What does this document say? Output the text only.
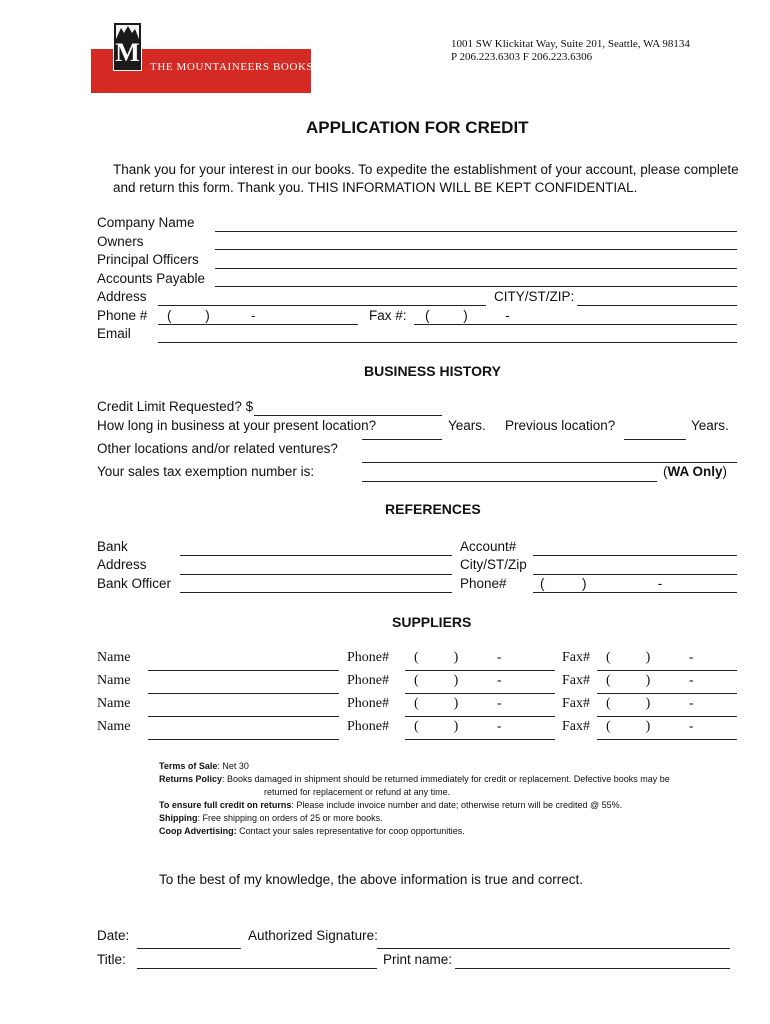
M THE MOUNTAINEERS BOOKS
1001 SW Klickitat Way, Suite 201, Seattle, WA 98134
P 206.223.6303 F 206.223.6306
APPLICATION FOR CREDIT
Thank you for your interest in our books. To expedite the establishment of your account, please complete
and return this form. Thank you. THIS INFORMATION WILL BE KEPT CONFIDENTIAL.
Company Name
Owners
Principal Officers
Accounts Payable
Address	CITY/ST/ZIP:
Phone # (         )           -	Fax #: (         )          -
Email
BUSINESS HISTORY
Credit Limit Requested? $
How long in business at your present location?	Years. Previous location?	Years.
Other locations and/or related ventures?
Your sales tax exemption number is:	(WA Only)
REFERENCES
Bank	Account#
Address	City/ST/Zip
Bank Officer	Phone# (          )                   -
SUPPLIERS
Name	Phone# (          )           -	Fax# (          )           -
Name	Phone# (          )           -	Fax# (          )           -
Name	Phone# (          )           -	Fax# (          )           -
Name	Phone# (          )           -	Fax# (          )           -
Terms of Sale: Net 30
Returns Policy: Books damaged in shipment should be returned immediately for credit or replacement. Defective books may be
returned for replacement or refund at any time.
To ensure full credit on returns: Please include invoice number and date; otherwise return will be credited @ 55%.
Shipping: Free shipping on orders of 25 or more books.
Coop Advertising: Contact your sales representative for coop opportunities.
To the best of my knowledge, the above information is true and correct.
Date:	Authorized Signature:
Title:	Print name:
